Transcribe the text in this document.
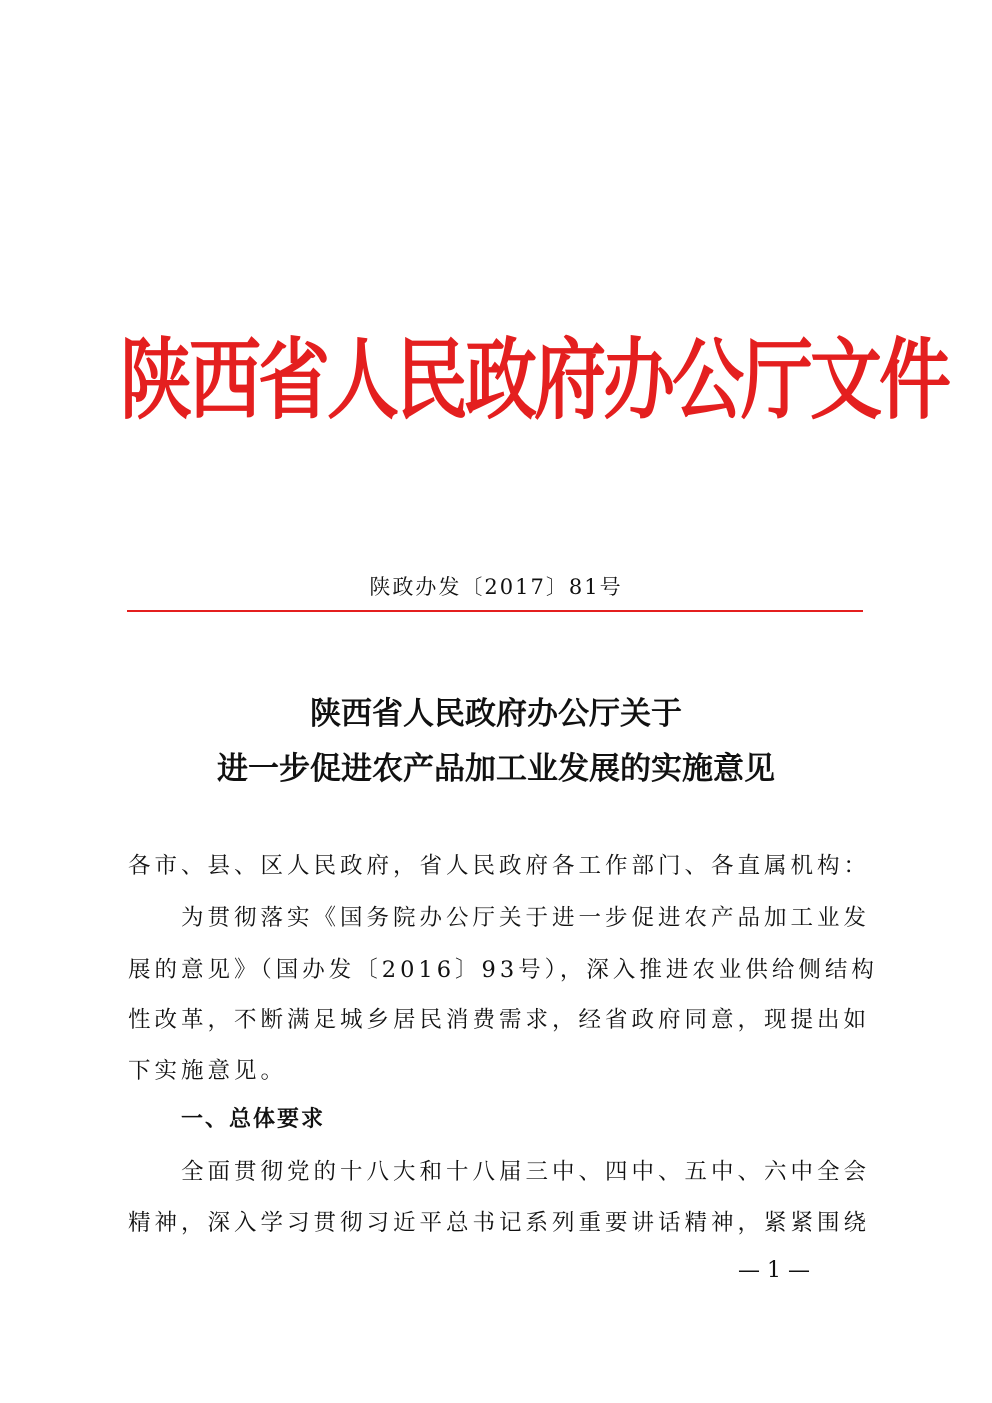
陕西省人民政府办公厅文件
陕政办发〔2017〕81号
陕西省人民政府办公厅关于
进一步促进农产品加工业发展的实施意见
各市、县、区人民政府，省人民政府各工作部门、各直属机构：
为贯彻落实《国务院办公厅关于进一步促进农产品加工业发
展的意见》（国办发〔2016〕93号），深入推进农业供给侧结构
性改革，不断满足城乡居民消费需求，经省政府同意，现提出如
下实施意见。
一、总体要求
全面贯彻党的十八大和十八届三中、四中、五中、六中全会
精神，深入学习贯彻习近平总书记系列重要讲话精神，紧紧围绕
— 1 —
